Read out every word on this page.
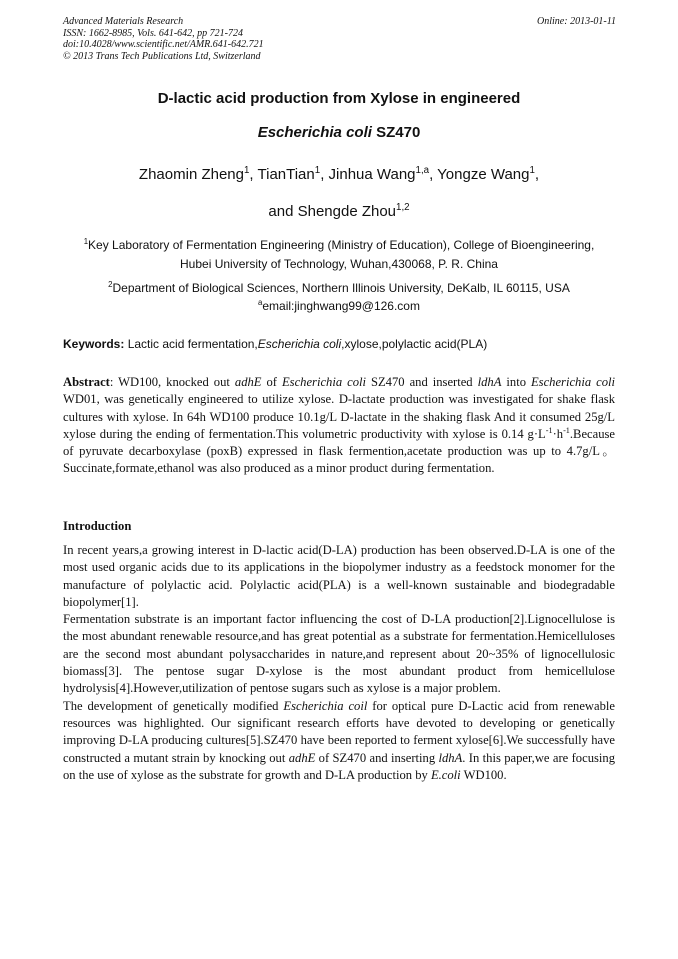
Advanced Materials Research
ISSN: 1662-8985, Vols. 641-642, pp 721-724
doi:10.4028/www.scientific.net/AMR.641-642.721
© 2013 Trans Tech Publications Ltd, Switzerland
Online: 2013-01-11
D-lactic acid production from Xylose in engineered
Escherichia coli SZ470
Zhaomin Zheng$^1$, TianTian$^1$, Jinhua Wang$^{1,a}$, Yongze Wang$^1$,
and Shengde Zhou$^{1,2}$
$^1$Key Laboratory of Fermentation Engineering (Ministry of Education), College of Bioengineering,
Hubei University of Technology, Wuhan,430068, P. R. China
$^2$Department of Biological Sciences, Northern Illinois University, DeKalb, IL 60115, USA
$^a$email:jinghwang99@126.com
Keywords: Lactic acid fermentation,Escherichia coli,xylose,polylactic acid(PLA)

Abstract: WD100, knocked out adhE of Escherichia coli SZ470 and inserted ldhA into Escherichia coli WD01, was genetically engineered to utilize xylose. D-lactate production was investigated for shake flask cultures with xylose. In 64h WD100 produce 10.1g/L D-lactate in the shaking flask And it consumed 25g/L xylose during the ending of fermentation.This volumetric productivity with xylose is 0.14 $g\cdot L^{-1}\cdot h^{-1}.Because$ of pyruvate decarboxylase (poxB) expressed in flask fermention,acetate production was up to 4.7g/L。Succinate,formate,ethanol was also produced as a minor product during fermentation.

Introduction

In recent years,a growing interest in D-lactic acid(D-LA) production has been observed.D-LA is one of the most used organic acids due to its applications in the biopolymer industry as a feedstock monomer for the manufacture of polylactic acid. Polylactic acid(PLA) is a well-known sustainable and biodegradable biopolymer[1].

Fermentation substrate is an important factor influencing the cost of D-LA production[2].Lignocellulose is the most abundant renewable resource,and has great potential as a substrate for fermentation.Hemicelluloses are the second most abundant polysaccharides in nature,and represent about 20~35% of lignocellulosic biomass[3]. The pentose sugar D-xylose is the most abundant product from hemicellulose hydrolysis[4].However,utilization of pentose sugars such as xylose is a major problem.

The development of genetically modified Escherichia coil for optical pure D-Lactic acid from renewable resources was highlighted. Our significant research efforts have devoted to developing or genetically improving D-LA producing cultures[5].SZ470 have been reported to ferment xylose[6].We successfully have constructed a mutant strain by knocking out adhE of SZ470 and inserting ldhA. In this paper,we are focusing on the use of xylose as the substrate for growth and D-LA production by E.coli WD100.
